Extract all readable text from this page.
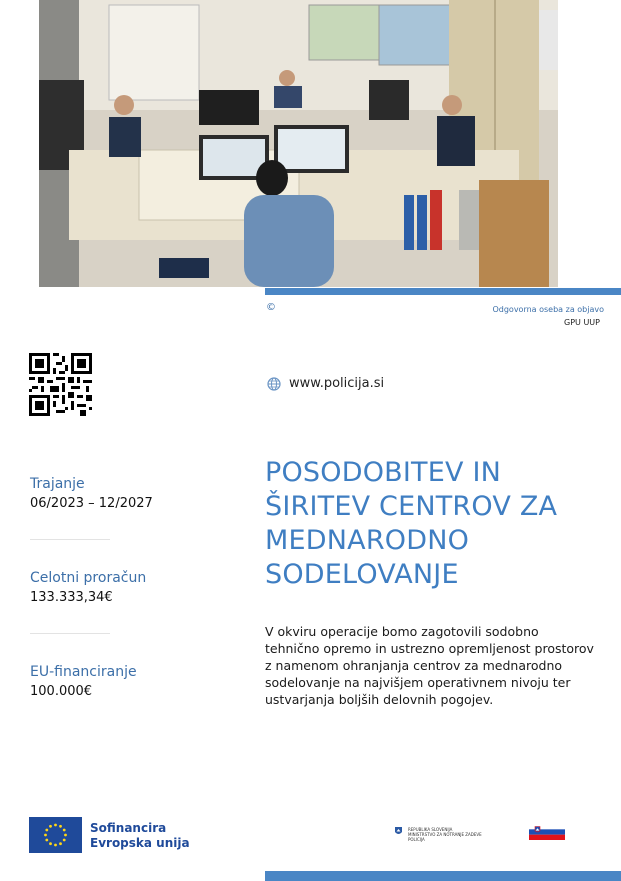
©	Odgovorna oseba za objavo
GPU UUP
www.policija.si
Trajanje
06/2023 – 12/2027
Celotni proračun
133.333,34€
EU-financiranje
100.000€
POSODOBITEV IN
ŠIRITEV CENTROV ZA
MEDNARODNO
SODELOVANJE
V okviru operacije bomo zagotovili sodobno tehnično opremo in ustrezno opremljenost prostorov z namenom ohranjanja centrov za mednarodno sodelovanje na najvišjem operativnem nivoju ter ustvarjanja boljših delovnih pogojev.
Sofinancira
Evropska unija
REPUBLIKA SLOVENIJA
MINISTRSTVO ZA NOTRANJE ZADEVE
POLICIJA
